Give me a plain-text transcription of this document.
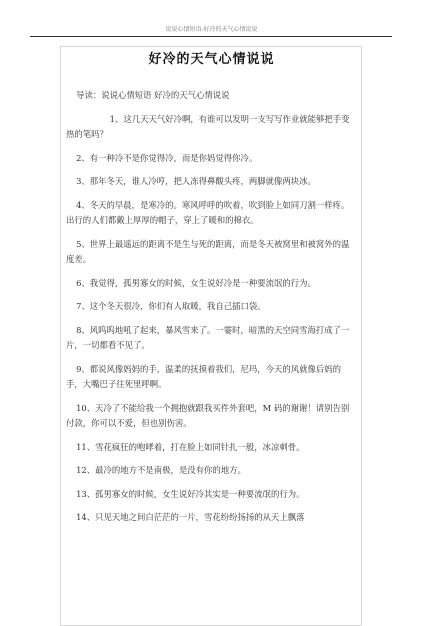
说说心情短语-好冷的天气心情说说
好冷的天气心情说说

导读：说说心情短语 好冷的天气心情说说

1、这几天天气好冷啊，有谁可以发明一支写写作业就能够把手变热的笔吗？

2、有一种冷不是你觉得冷，而是你妈觉得你冷。

3、那年冬天，谁人冷哼，把人冻得鼻酸头疼，两脚就像两块冰。

4、冬天的早晨，是寒冷的。寒风呼呼的吹着，吹到脸上如同刀割一样疼。出行的人们都戴上厚厚的帽子，穿上了暖和的棉衣。

5、世界上最遥远的距离不是生与死的距离，而是冬天被窝里和被窝外的温度差。

6、我觉得，孤男寡女的时候，女生说好冷是一种要流氓的行为。

7、这个冬天很冷，你们有人取暖，我自己插口袋。

8、风呜呜地吼了起来，暴风雪来了。一霎时，暗黑的天空同雪海打成了一片，一切都看不见了。

9、都说风像妈妈的手，温柔的抚摸着我们，尼玛，今天的风就像后妈的手，大嘴巴子往死里呼啊。

10、天冷了不能给我一个拥抱就跟我买件外套吧，M 码的谢谢！请别告别付款，你可以不爱，但也别伤害。

11、雪花疯狂的咆哮着，打在脸上如同针扎一般，冰凉刺骨。

12、最冷的地方不是南极，是没有你的地方。

13、孤男寡女的时候，女生说好冷其实是一种要流氓的行为。

14、只见天地之间白茫茫的一片，雪花纷纷扬扬的从天上飘落
